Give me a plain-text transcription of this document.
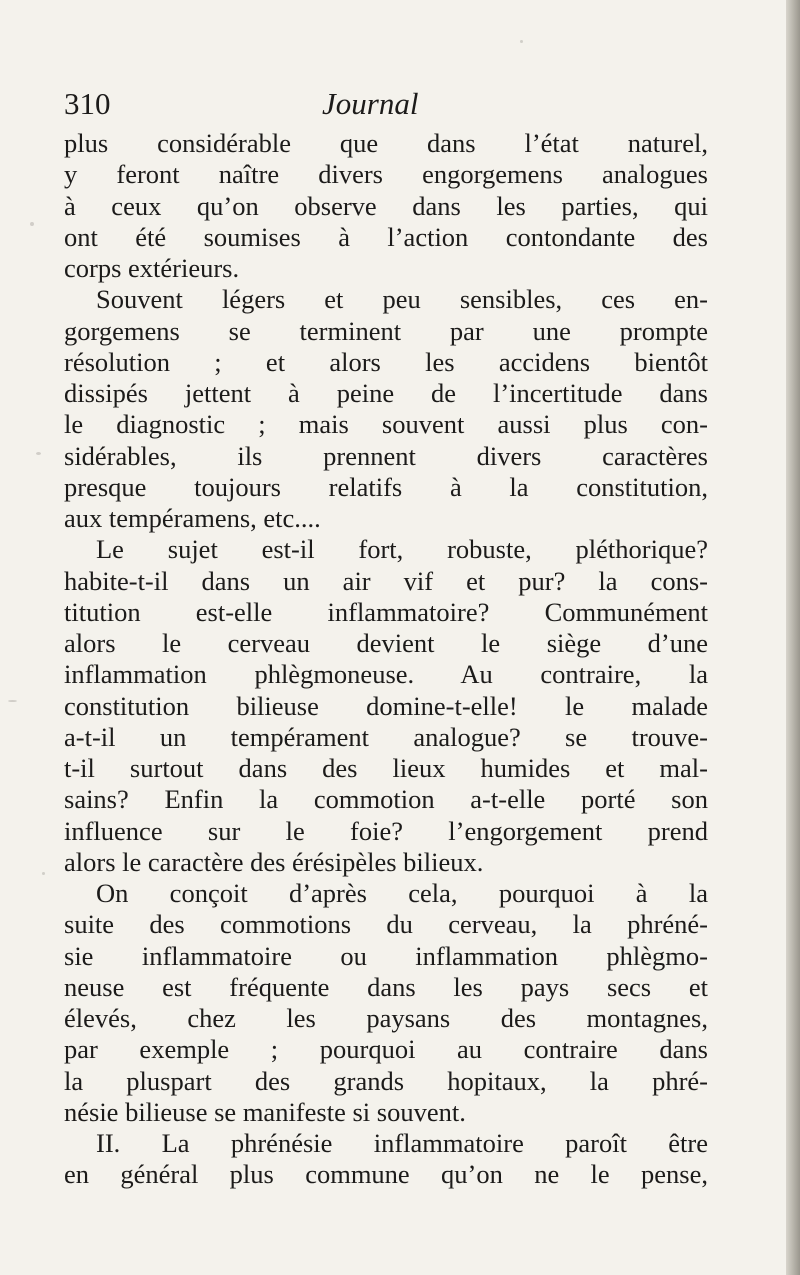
310	Journal
plus considérable que dans l’état naturel,
y feront naître divers engorgemens analogues
à ceux qu’on observe dans les parties, qui
ont été soumises à l’action contondante des
corps extérieurs.
Souvent légers et peu sensibles, ces en-
gorgemens se terminent par une prompte
résolution ; et alors les accidens bientôt
dissipés jettent à peine de l’incertitude dans
le diagnostic ; mais souvent aussi plus con-
sidérables, ils prennent divers caractères
presque toujours relatifs à la constitution,
aux tempéramens, etc....
Le sujet est-il fort, robuste, pléthorique?
habite-t-il dans un air vif et pur? la cons-
titution est-elle inflammatoire? Communément
alors le cerveau devient le siège d’une
inflammation phlègmoneuse. Au contraire, la
constitution bilieuse domine-t-elle! le malade
a-t-il un tempérament analogue? se trouve-
t-il surtout dans des lieux humides et mal-
sains? Enfin la commotion a-t-elle porté son
influence sur le foie? l’engorgement prend
alors le caractère des érésipèles bilieux.
On conçoit d’après cela, pourquoi à la
suite des commotions du cerveau, la phréné-
sie inflammatoire ou inflammation phlègmo-
neuse est fréquente dans les pays secs et
élevés, chez les paysans des montagnes,
par exemple ; pourquoi au contraire dans
la pluspart des grands hopitaux, la phré-
nésie bilieuse se manifeste si souvent.
II. La phrénésie inflammatoire paroît être
en général plus commune qu’on ne le pense,
